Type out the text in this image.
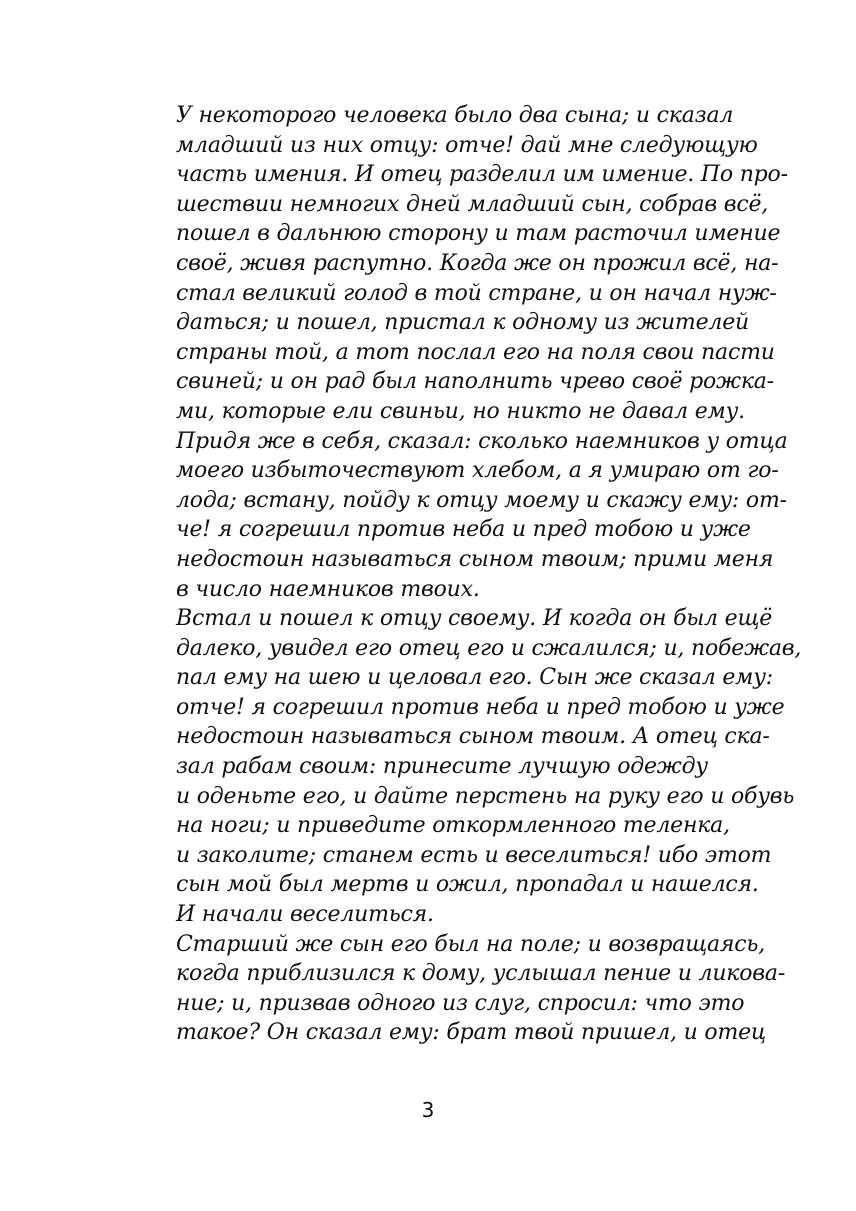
У некоторого человека было два сына; и сказал
младший из них отцу: отче! дай мне следующую
часть имения. И отец разделил им имение. По про-
шествии немногих дней младший сын, собрав всё,
пошел в дальнюю сторону и там расточил имение
своё, живя распутно. Когда же он прожил всё, на-
стал великий голод в той стране, и он начал нуж-
даться; и пошел, пристал к одному из жителей
страны той, а тот послал его на поля свои пасти
свиней; и он рад был наполнить чрево своё рожка-
ми, которые ели свиньи, но никто не давал ему.
Придя же в себя, сказал: сколько наемников у отца
моего избыточествуют хлебом, а я умираю от го-
лода; встану, пойду к отцу моему и скажу ему: от-
че! я согрешил против неба и пред тобою и уже
недостоин называться сыном твоим; прими меня
в число наемников твоих.
Встал и пошел к отцу своему. И когда он был ещё
далеко, увидел его отец его и сжалился; и, побежав,
пал ему на шею и целовал его. Сын же сказал ему:
отче! я согрешил против неба и пред тобою и уже
недостоин называться сыном твоим. А отец ска-
зал рабам своим: принесите лучшую одежду
и оденьте его, и дайте перстень на руку его и обувь
на ноги; и приведите откормленного теленка,
и заколите; станем есть и веселиться! ибо этот
сын мой был мертв и ожил, пропадал и нашелся.
И начали веселиться.
Старший же сын его был на поле; и возвращаясь,
когда приблизился к дому, услышал пение и ликова-
ние; и, призвав одного из слуг, спросил: что это
такое? Он сказал ему: брат твой пришел, и отец
3
